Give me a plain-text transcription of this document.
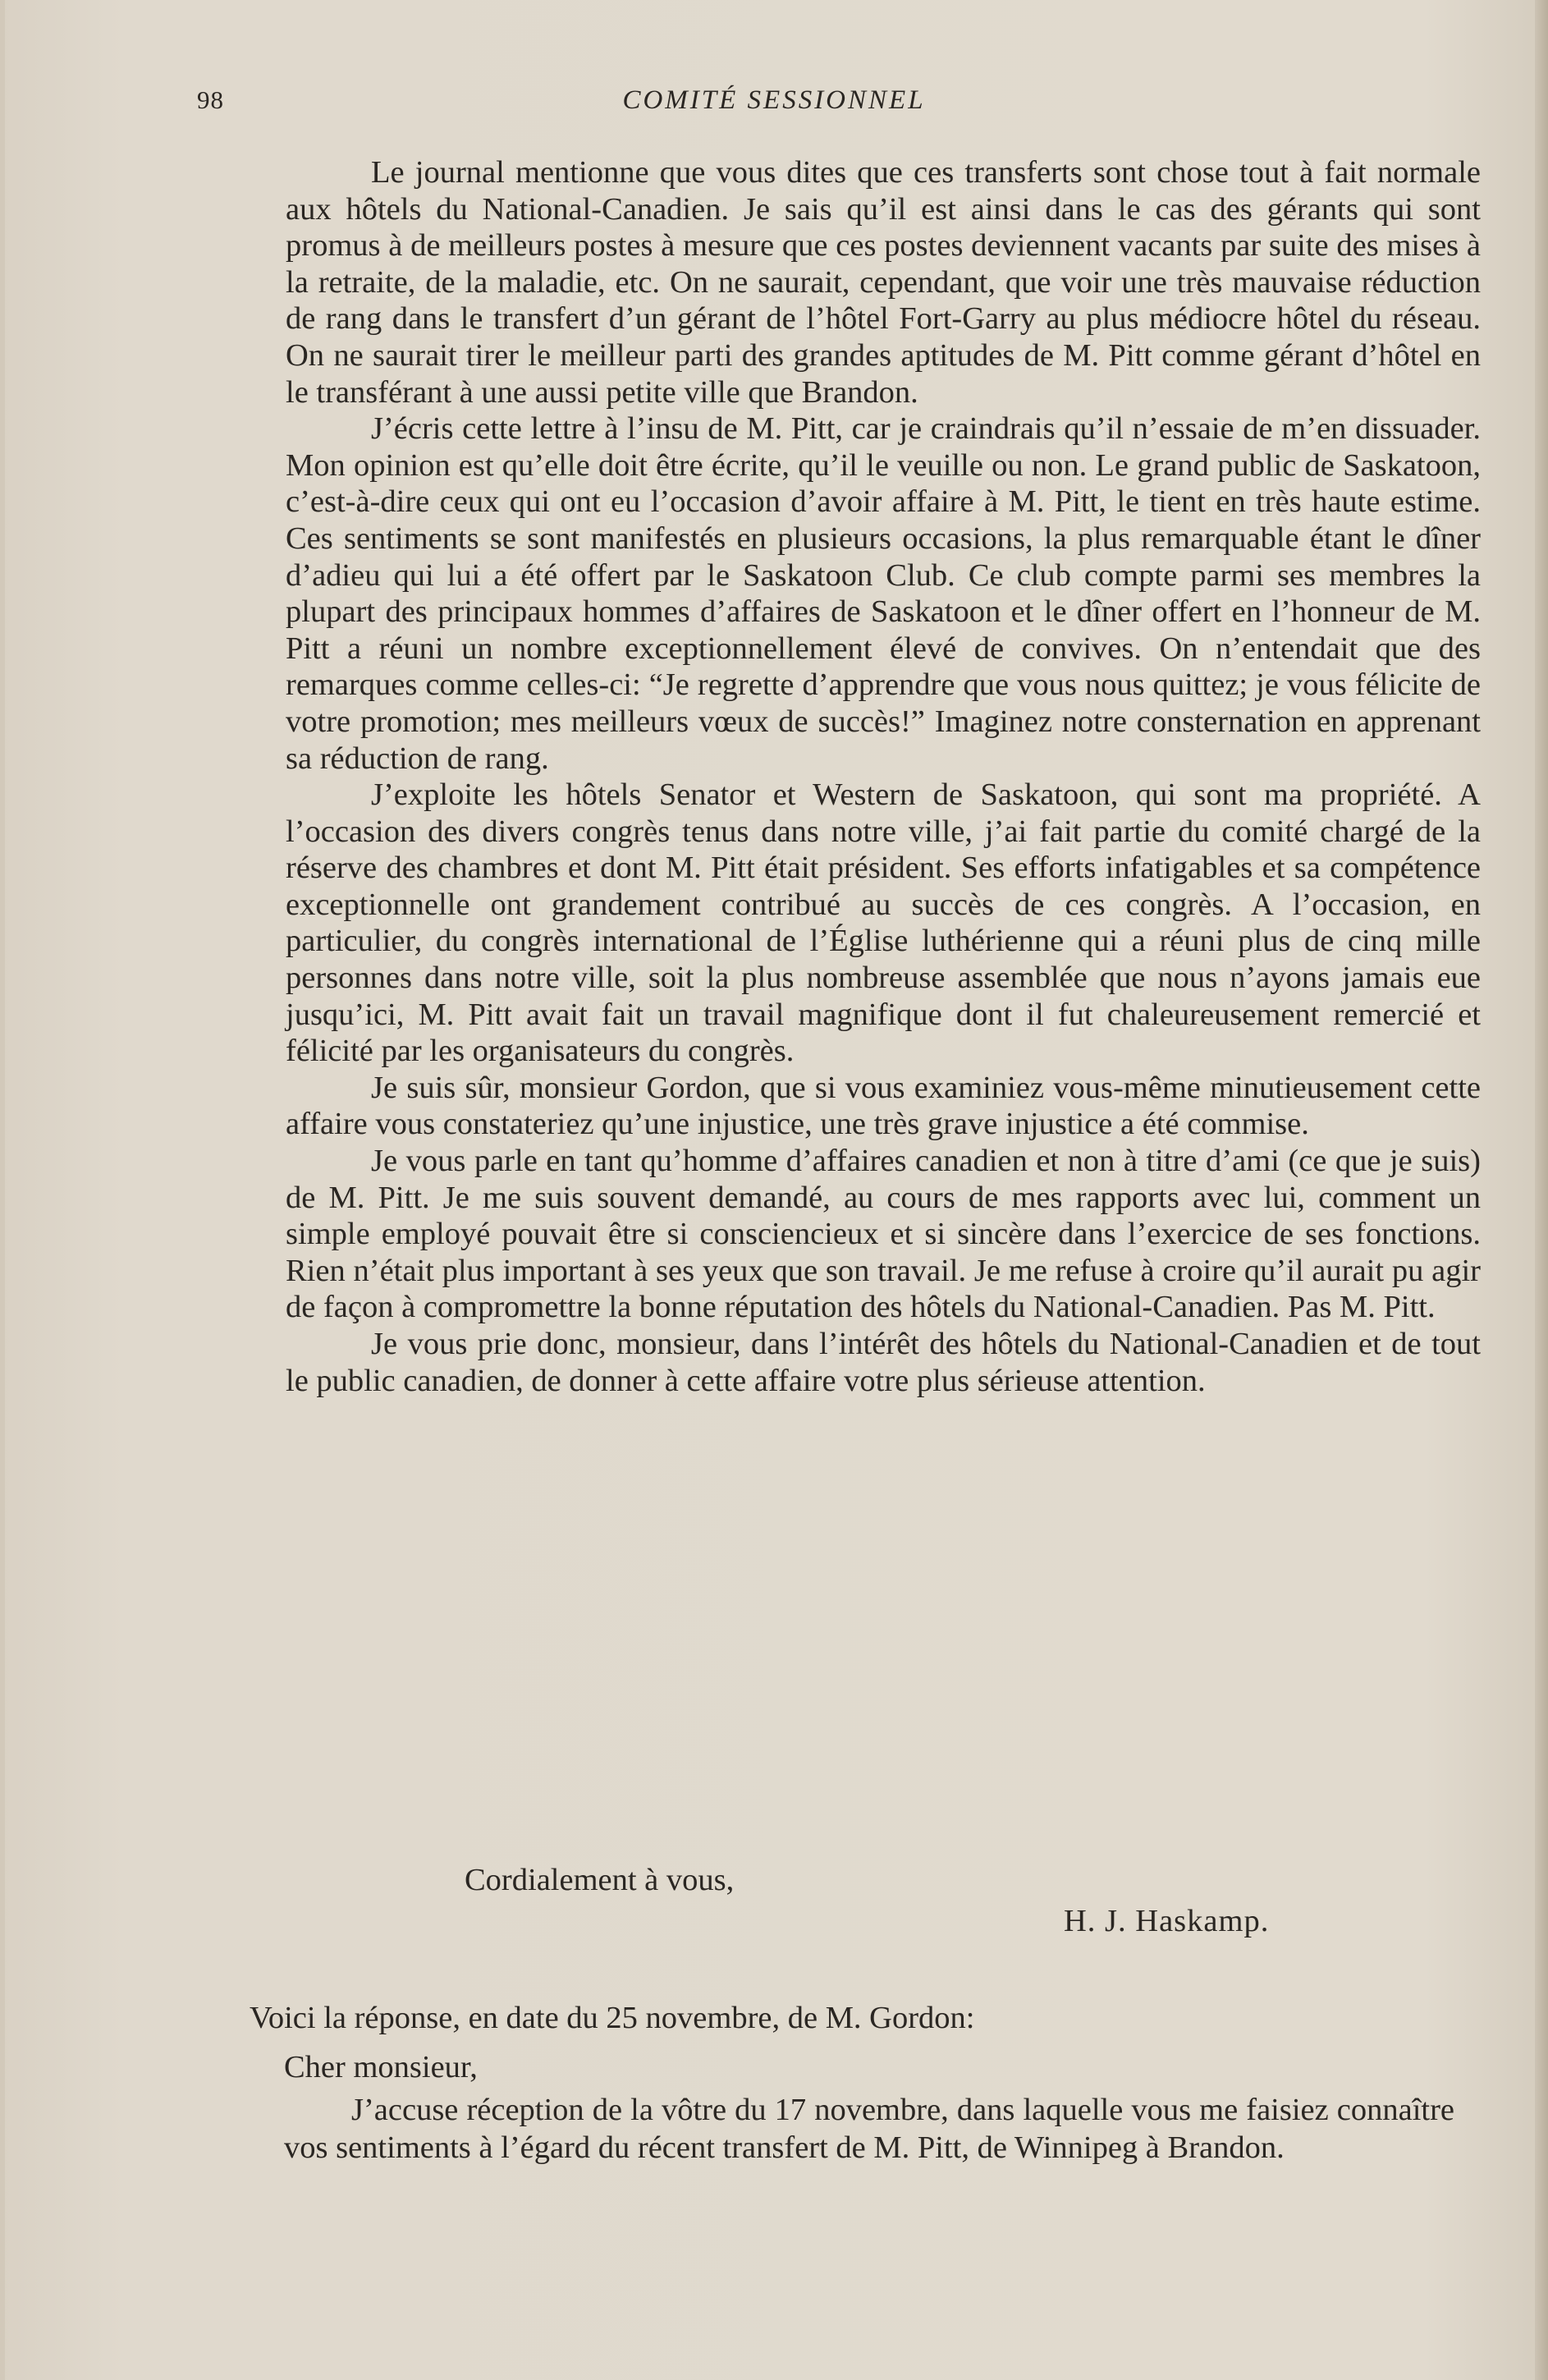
COMITÉ SESSIONNEL
98

Le journal mentionne que vous dites que ces transferts sont chose tout à fait normale aux hôtels du National-Canadien. Je sais qu’il est ainsi dans le cas des gérants qui sont promus à de meilleurs postes à mesure que ces postes deviennent vacants par suite des mises à la retraite, de la maladie, etc. On ne saurait, cependant, que voir une très mauvaise réduction de rang dans le transfert d’un gérant de l’hôtel Fort-Garry au plus médiocre hôtel du réseau. On ne saurait tirer le meilleur parti des grandes aptitudes de M. Pitt comme gérant d’hôtel en le transférant à une aussi petite ville que Brandon.

J’écris cette lettre à l’insu de M. Pitt, car je craindrais qu’il n’essaie de m’en dissuader. Mon opinion est qu’elle doit être écrite, qu’il le veuille ou non. Le grand public de Saskatoon, c’est-à-dire ceux qui ont eu l’occasion d’avoir affaire à M. Pitt, le tient en très haute estime. Ces sentiments se sont manifestés en plusieurs occasions, la plus remarquable étant le dîner d’adieu qui lui a été offert par le Saskatoon Club. Ce club compte parmi ses membres la plupart des principaux hommes d’affaires de Saskatoon et le dîner offert en l’honneur de M. Pitt a réuni un nombre exceptionnellement élevé de convives. On n’entendait que des remarques comme celles-ci: “Je regrette d’apprendre que vous nous quittez; je vous félicite de votre promotion; mes meilleurs vœux de succès!” Imaginez notre consternation en apprenant sa réduction de rang.

J’exploite les hôtels Senator et Western de Saskatoon, qui sont ma propriété. A l’occasion des divers congrès tenus dans notre ville, j’ai fait partie du comité chargé de la réserve des chambres et dont M. Pitt était président. Ses efforts infatigables et sa compétence exceptionnelle ont grandement contribué au succès de ces congrès. A l’occasion, en particulier, du congrès international de l’Église luthérienne qui a réuni plus de cinq mille personnes dans notre ville, soit la plus nombreuse assemblée que nous n’ayons jamais eue jusqu’ici, M. Pitt avait fait un travail magnifique dont il fut chaleureusement remercié et félicité par les organisateurs du congrès.

Je suis sûr, monsieur Gordon, que si vous examiniez vous-même minutieusement cette affaire vous constateriez qu’une injustice, une très grave injustice a été commise.

Je vous parle en tant qu’homme d’affaires canadien et non à titre d’ami (ce que je suis) de M. Pitt. Je me suis souvent demandé, au cours de mes rapports avec lui, comment un simple employé pouvait être si consciencieux et si sincère dans l’exercice de ses fonctions. Rien n’était plus important à ses yeux que son travail. Je me refuse à croire qu’il aurait pu agir de façon à compromettre la bonne réputation des hôtels du National-Canadien. Pas M. Pitt.

Je vous prie donc, monsieur, dans l’intérêt des hôtels du National-Canadien et de tout le public canadien, de donner à cette affaire votre plus sérieuse attention.

Cordialement à vous,
H. J. Haskamp.
Voici la réponse, en date du 25 novembre, de M. Gordon:
Cher monsieur,

J’accuse réception de la vôtre du 17 novembre, dans laquelle vous me faisiez connaître vos sentiments à l’égard du récent transfert de M. Pitt, de Winnipeg à Brandon.
